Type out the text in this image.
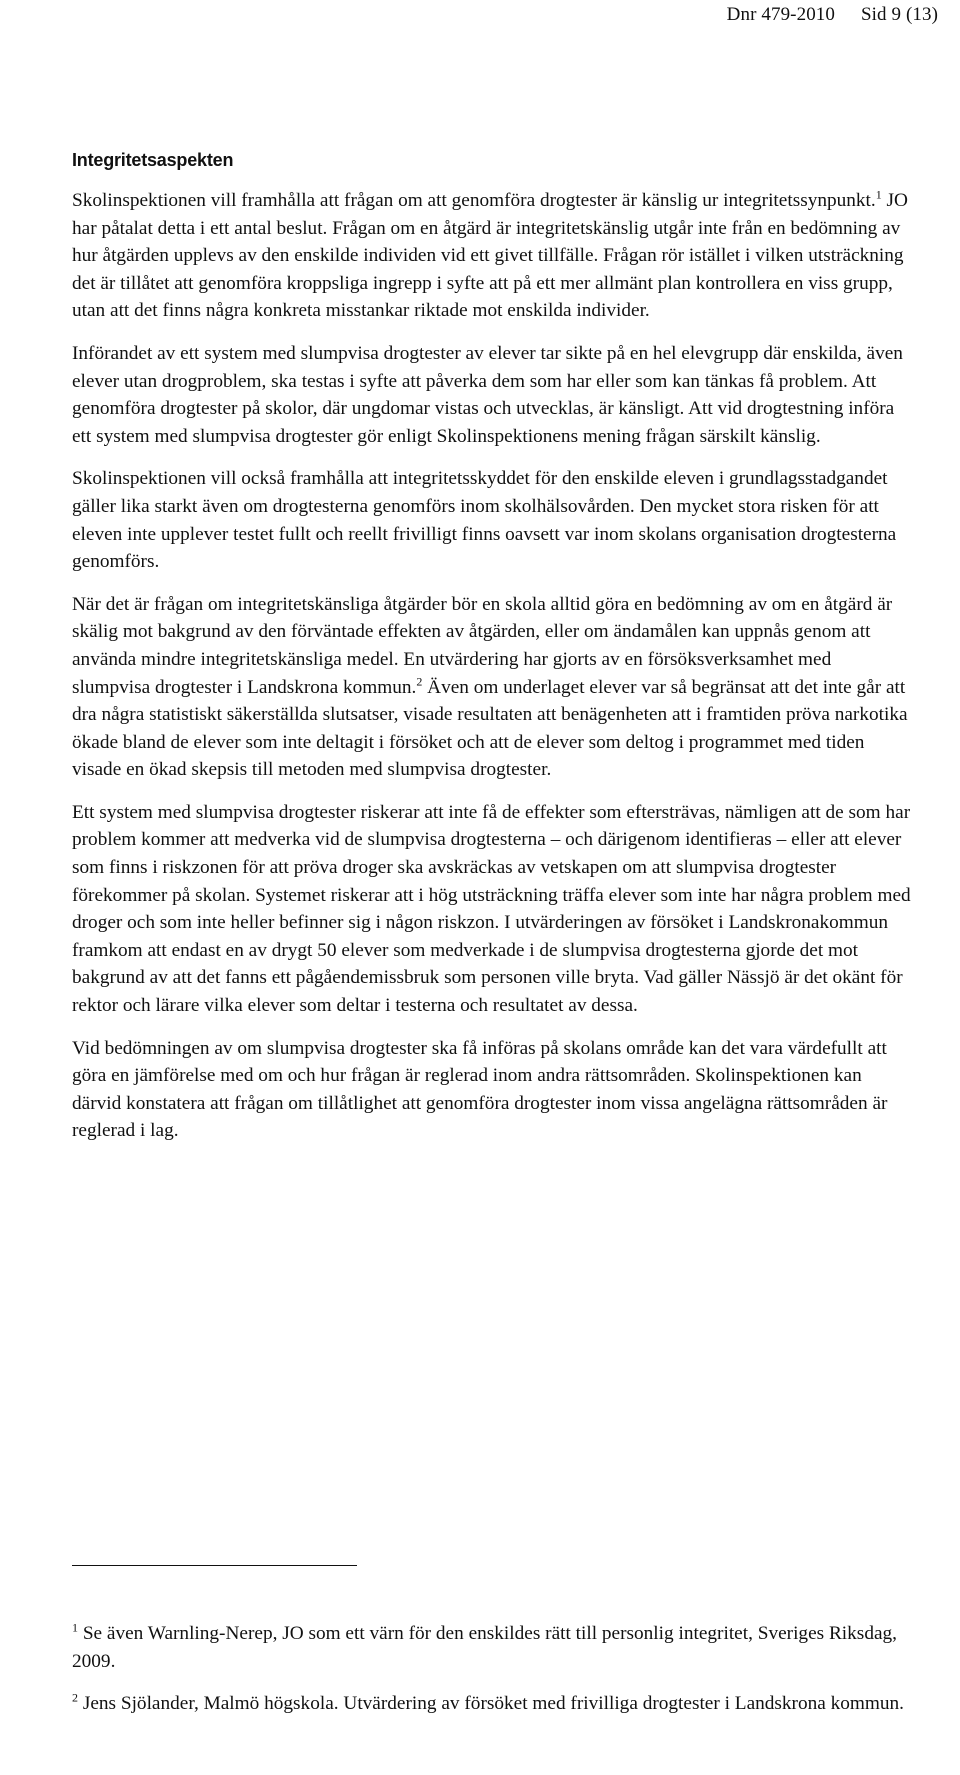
Dnr 479-2010 Sid 9 (13)
Integritetsaspekten

Skolinspektionen vill framhålla att frågan om att genomföra drogtester är känslig ur integritetssynpunkt.$^1$ JO har påtalat detta i ett antal beslut. Frågan om en åtgärd är integritetskänslig utgår inte från en bedömning av hur åtgärden upplevs av den enskilde individen vid ett givet tillfälle. Frågan rör istället i vilken utsträckning det är tillåtet att genomföra kroppsliga ingrepp i syfte att på ett mer allmänt plan kontrollera en viss grupp, utan att det finns några konkreta misstankar riktade mot enskilda individer.

Införandet av ett system med slumpvisa drogtester av elever tar sikte på en hel elevgrupp där enskilda, även elever utan drogproblem, ska testas i syfte att påverka dem som har eller som kan tänkas få problem. Att genomföra drogtester på skolor, där ungdomar vistas och utvecklas, är känsligt. Att vid drogtestning införa ett system med slumpvisa drogtester gör enligt Skolinspektionens mening frågan särskilt känslig.

Skolinspektionen vill också framhålla att integritetsskyddet för den enskilde eleven i grundlagsstadgandet gäller lika starkt även om drogtesterna genomförs inom skolhälsovården. Den mycket stora risken för att eleven inte upplever testet fullt och reellt frivilligt finns oavsett var inom skolans organisation drogtesterna genomförs.

När det är frågan om integritetskänsliga åtgärder bör en skola alltid göra en bedömning av om en åtgärd är skälig mot bakgrund av den förväntade effekten av åtgärden, eller om ändamålen kan uppnås genom att använda mindre integritetskänsliga medel. En utvärdering har gjorts av en försöksverksamhet med slumpvisa drogtester i Landskrona kommun.$^2$ Även om underlaget elever var så begränsat att det inte går att dra några statistiskt säkerställda slutsatser, visade resultaten att benägenheten att i framtiden pröva narkotika ökade bland de elever som inte deltagit i försöket och att de elever som deltog i programmet med tiden visade en ökad skepsis till metoden med slumpvisa drogtester.

Ett system med slumpvisa drogtester riskerar att inte få de effekter som eftersträvas, nämligen att de som har problem kommer att medverka vid de slumpvisa drogtesterna – och därigenom identifieras – eller att elever som finns i riskzonen för att pröva droger ska avskräckas av vetskapen om att slumpvisa drogtester förekommer på skolan. Systemet riskerar att i hög utsträckning träffa elever som inte har några problem med droger och som inte heller befinner sig i någon riskzon. I utvärderingen av försöket i Landskronakommun framkom att endast en av drygt 50 elever som medverkade i de slumpvisa drogtesterna gjorde det mot bakgrund av att det fanns ett pågåendemissbruk som personen ville bryta. Vad gäller Nässjö är det okänt för rektor och lärare vilka elever som deltar i testerna och resultatet av dessa.

Vid bedömningen av om slumpvisa drogtester ska få införas på skolans område kan det vara värdefullt att göra en jämförelse med om och hur frågan är reglerad inom andra rättsområden. Skolinspektionen kan därvid konstatera att frågan om tillåtlighet att genomföra drogtester inom vissa angelägna rättsområden är reglerad i lag.

$^1$ Se även Warnling-Nerep, JO som ett värn för den enskildes rätt till personlig integritet, Sveriges Riksdag, 2009.
$^2$ Jens Sjölander, Malmö högskola. Utvärdering av försöket med frivilliga drogtester i Landskrona kommun.
